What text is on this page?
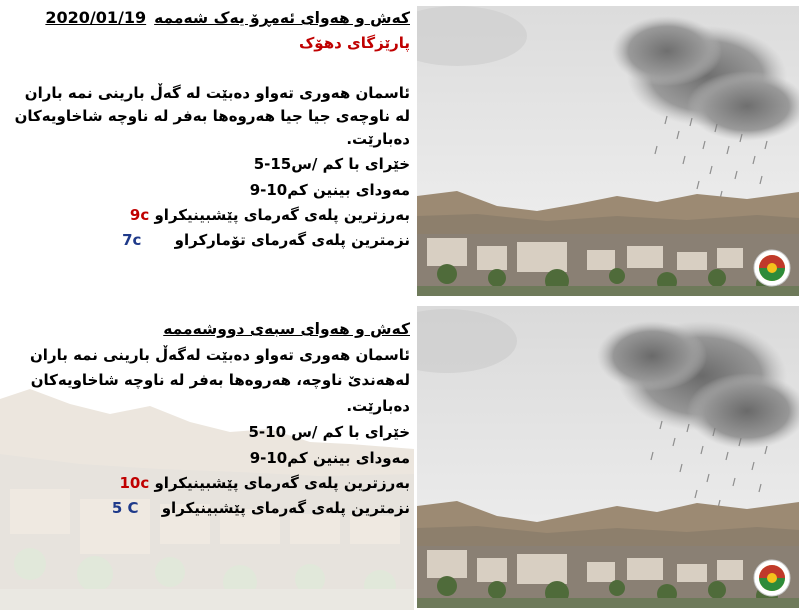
کەش و هەوای ئەمڕۆ یەک شەممە2020/01/19
پارێزگای دهۆک
ئاسمان هەوری تەواو دەبێت لە گەڵ بارینی نمە باران
لە ناوچەی جیا جیا هەروەها بەفر لە ناوچە شاخاویەکان
دەبارێت.
خێرای با 5-15کم /س
مەودای بینین 9-10کم
بەرزترین پلەی گەرمای پێشبینیکراو 9c
نزمترین پلەی گەرمای تۆمارکراو 7c
کەش و هەوای سبەی دووشەممە
ئاسمان هەوری تەواو دەبێت لەگەڵ بارینی نمە باران
لەهەندێ ناوچە، هەروەها بەفر لە ناوچە شاخاویەکان
دەبارێت.
خێرای با 5-10 کم /س
مەودای بینین 9-10کم
بەرزترین پلەی گەرمای پێشبینیکراو 10c
نزمترین پلەی گەرمای پێشبینیکراو 5 C
